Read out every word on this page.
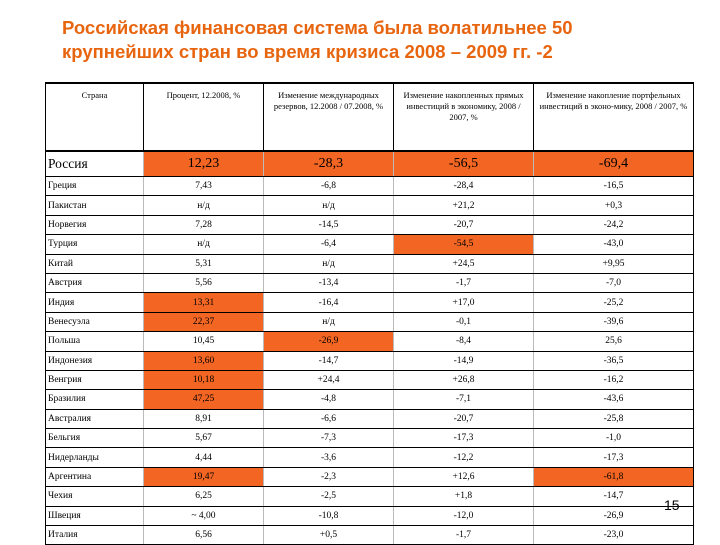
Российская финансовая система была волатильнее 50 крупнейших стран во время кризиса 2008 – 2009 гг. -2
Страна	Процент, 12.2008, %	Изменение международных резервов, 12.2008 / 07.2008, %	Изменение накопленных прямых инвестиций в экономику, 2008 / 2007, %	Изменение накопление портфельных инвестиций в эконо-мику, 2008 / 2007, %
Россия	12,23	-28,3	-56,5	-69,4
Греция	7,43	-6,8	-28,4	-16,5
Пакистан	н/д	н/д	+21,2	+0,3
Норвегия	7,28	-14,5	-20,7	-24,2
Турция	н/д	-6,4	-54,5	-43,0
Китай	5,31	н/д	+24,5	+9,95
Австрия	5,56	-13,4	-1,7	-7,0
Индия	13,31	-16,4	+17,0	-25,2
Венесуэла	22,37	н/д	-0,1	-39,6
Польша	10,45	-26,9	-8,4	25,6
Индонезия	13,60	-14,7	-14,9	-36,5
Венгрия	10,18	+24,4	+26,8	-16,2
Бразилия	47,25	-4,8	-7,1	-43,6
Австралия	8,91	-6,6	-20,7	-25,8
Бельгия	5,67	-7,3	-17,3	-1,0
Нидерланды	4,44	-3,6	-12,2	-17,3
Аргентина	19,47	-2,3	+12,6	-61,8
Чехия	6,25	-2,5	+1,8	-14,7
Швеция	~ 4,00	-10,8	-12,0	-26,9
Италия	6,56	+0,5	-1,7	-23,0
15
